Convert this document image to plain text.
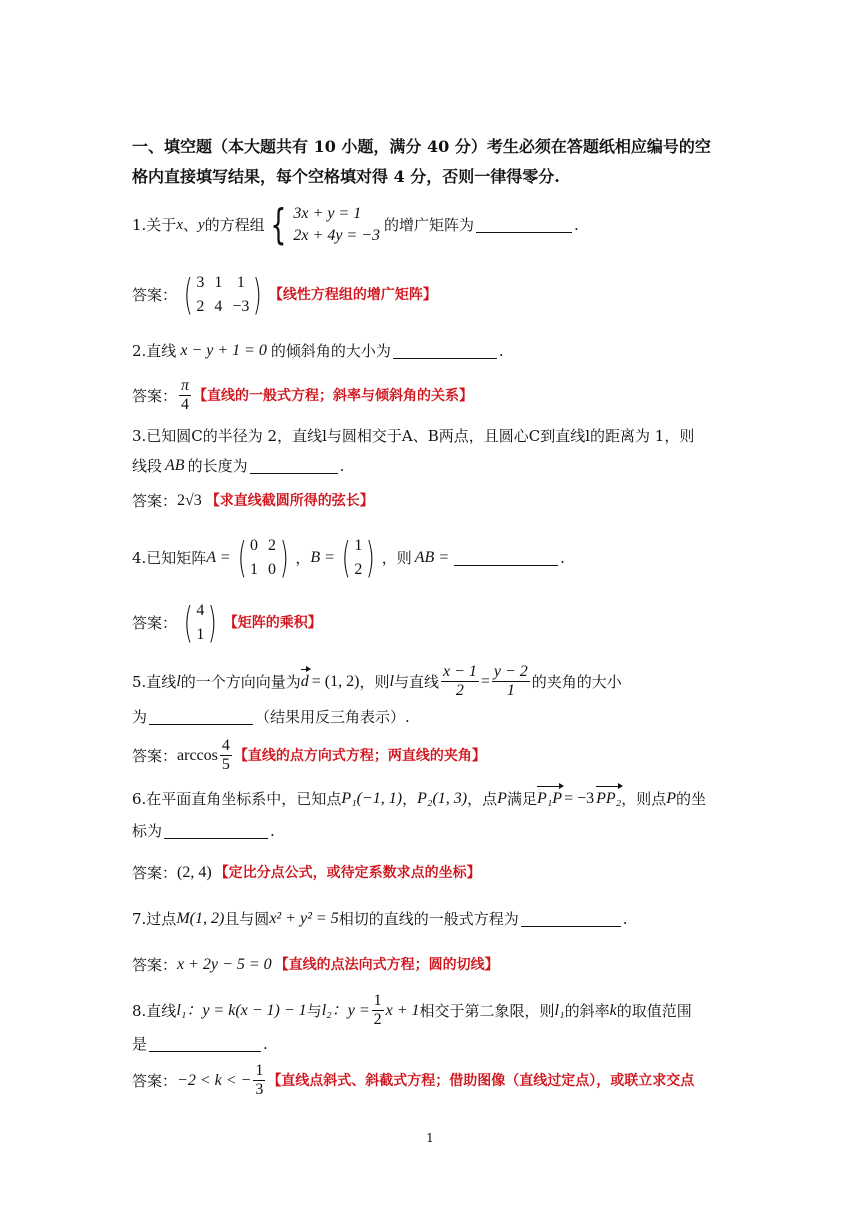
一、填空题（本大题共有 10 小题，满分 40 分）考生必须在答题纸相应编号的空
格内直接填写结果，每个空格填对得 4 分，否则一律得零分.
1.关于 x 、 y 的方程组 { 3x + y = 1
2x + 4y = −3
的增广矩阵为	.
答案： ( 3 1 1
2 4 −3 ) 【线性方程组的增广矩阵】
2.直线 x − y + 1 = 0 的倾斜角的大小为	.
答案： $\frac{\pi}{4}$ 【直线的一般式方程；斜率与倾斜角的关系】
3.已知圆C的半径为 2，直线l与圆相交于A、B两点，且圆心C到直线l的距离为 1，则
线段 AB 的长度为	.
答案： 2√3 【求直线截圆所得的弦长】
4.已知矩阵 A = ( 0 2
1 0 ) ， B = ( 1
2 ) ，则 AB =	.
答案： ( 4
1 ) 【矩阵的乘积】
5.直线 l 的一个方向向量为 d = (1, 2) ，则 l 与直线 $\frac{x - 1}{2} = \frac{y - 2}{1}$ 的夹角的大小
为	（结果用反三角表示）.
答案： $\arccos \frac{4}{5}$ 【直线的点方向式方程；两直线的夹角】
6.在平面直角坐标系中，已知点 P₁(−1, 1) ， P₂(1, 3) ，点 P 满足 P₁P = −3 PP₂ ，则点 P 的坐
标为	.
答案： (2, 4) 【定比分点公式，或待定系数求点的坐标】
7.过点 M(1, 2) 且与圆 x² + y² = 5 相切的直线的一般式方程为	.
答案： x + 2y − 5 = 0 【直线的点法向式方程；圆的切线】
8.直线 l₁： y = k(x − 1) − 1 与 l₂： $y = \frac{1}{2}$ x + 1 相交于第二象限，则 l₁ 的斜率 k 的取值范围
是	.
答案： −2 < k < − $\frac{1}{3}$ 【直线点斜式、斜截式方程；借助图像（直线过定点），或联立求交点
1
